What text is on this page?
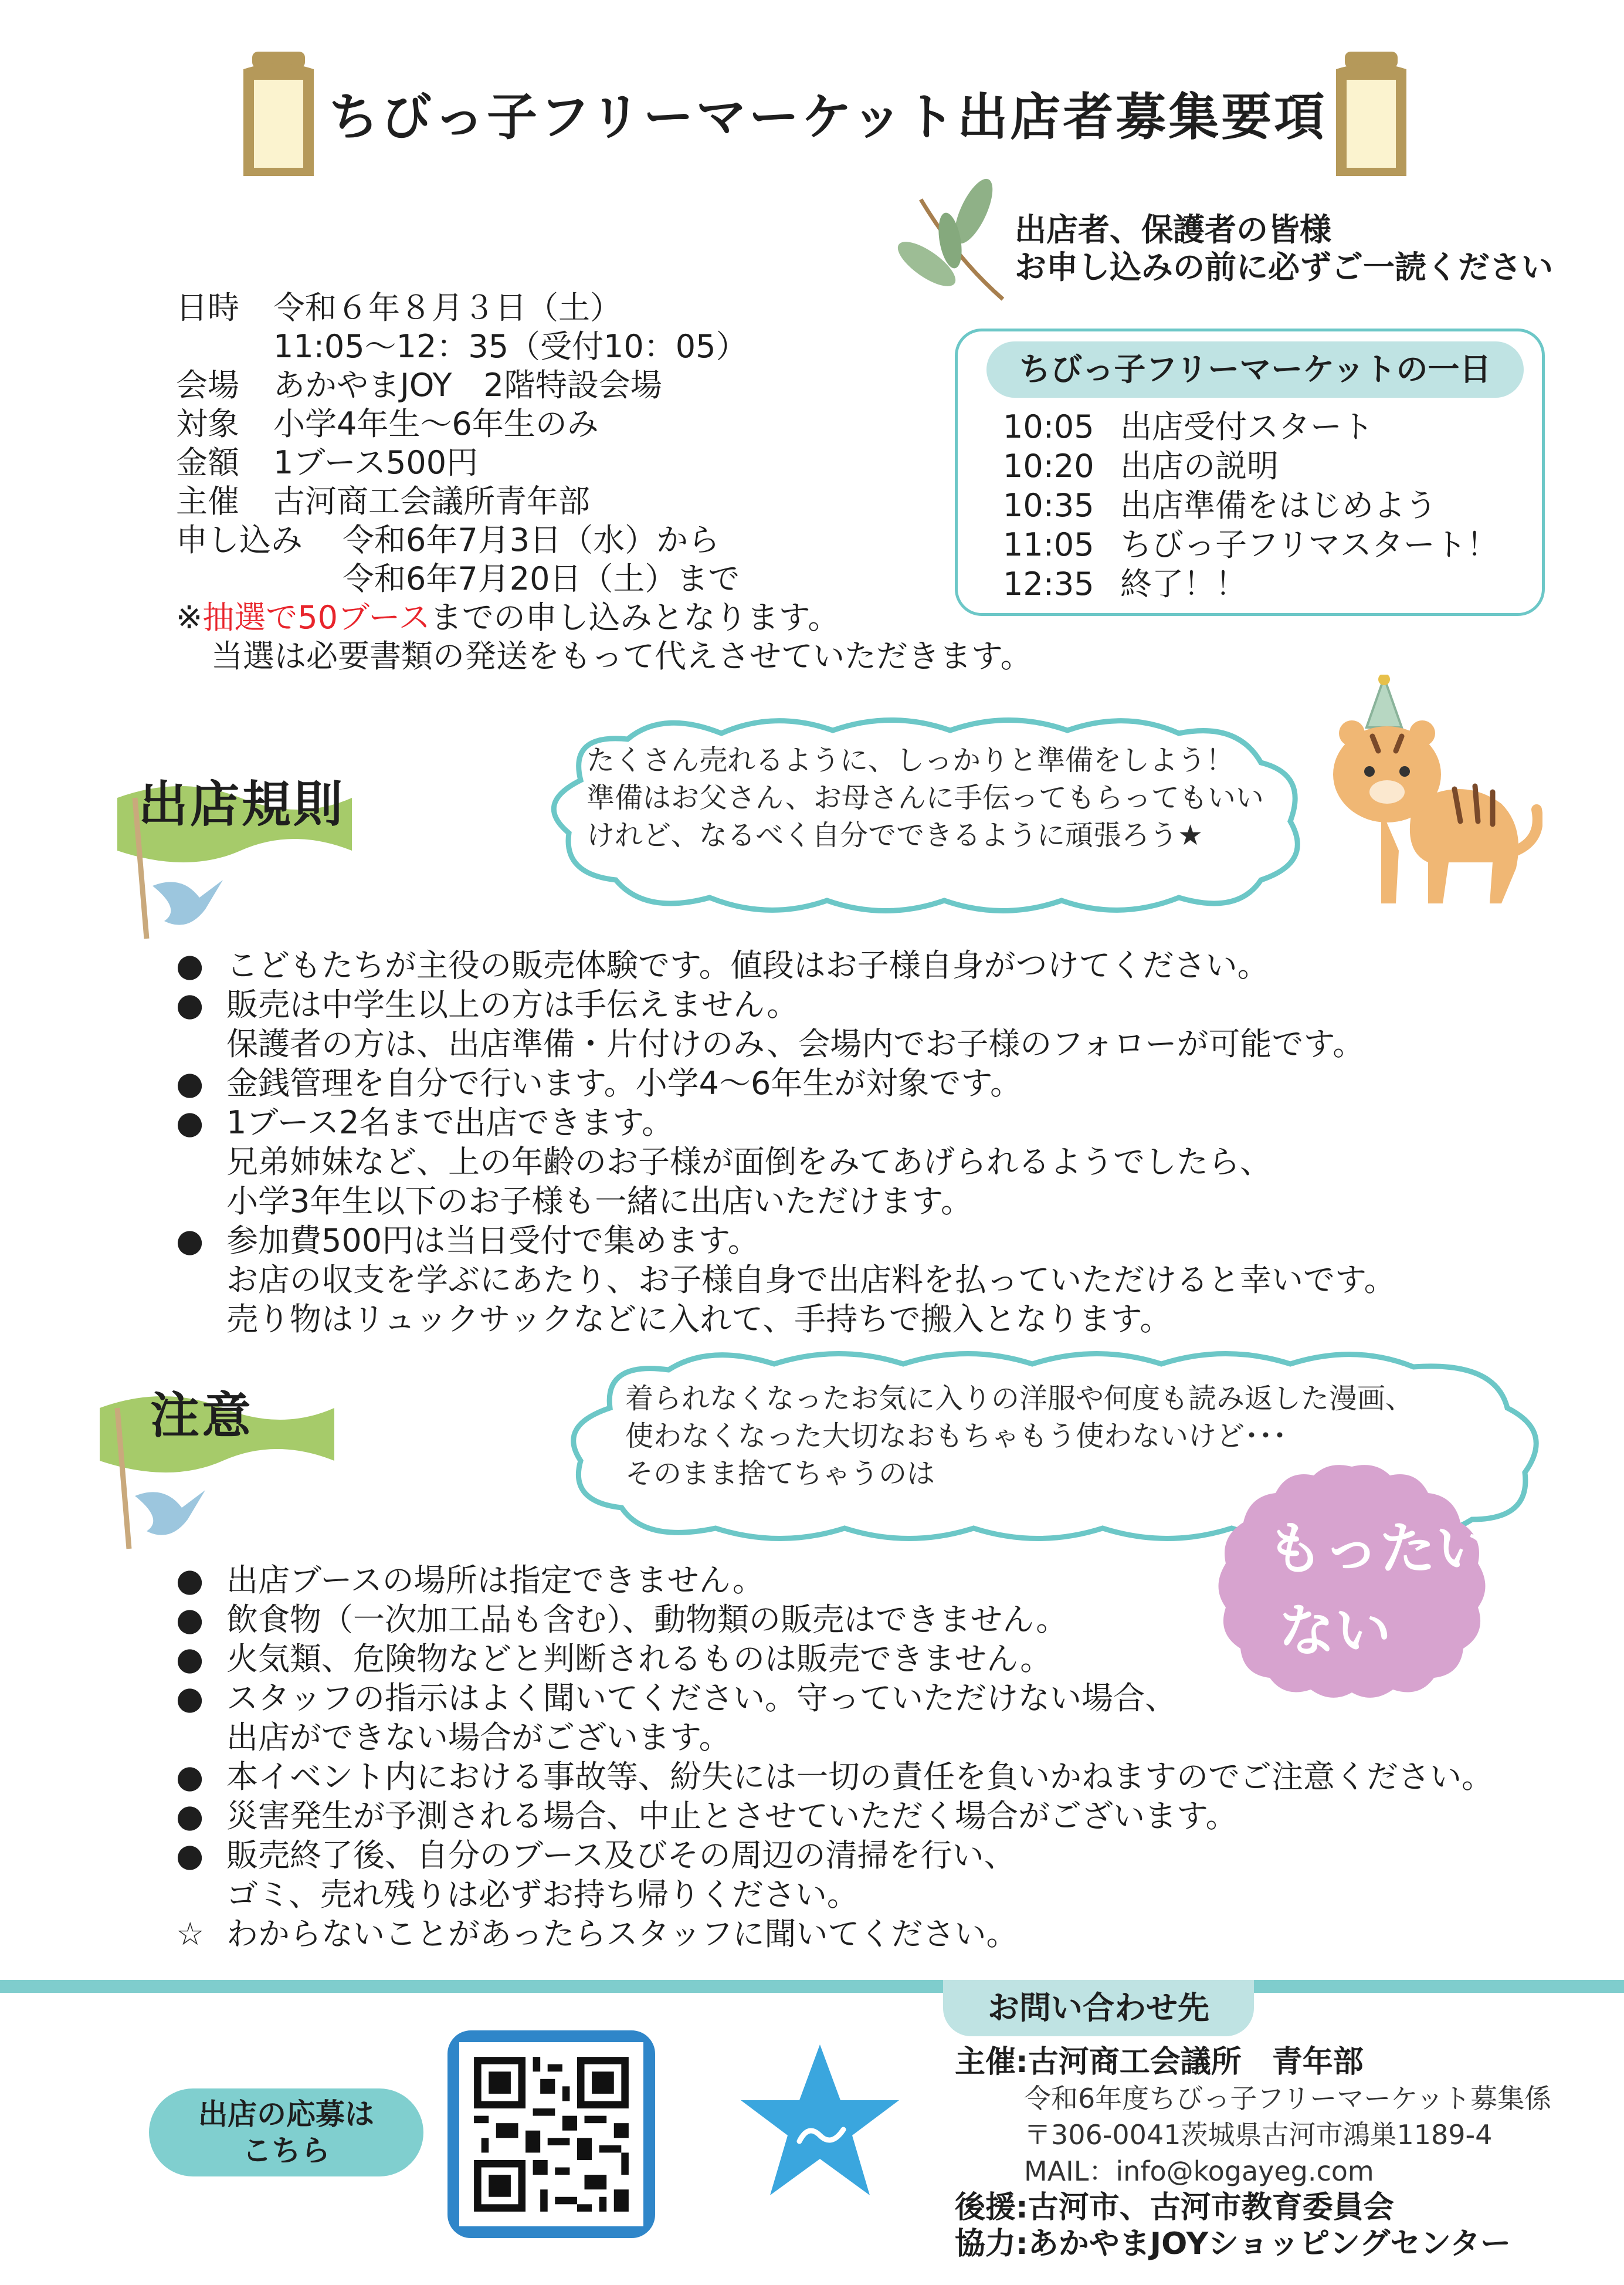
ちびっ子フリーマーケット出店者募集要項
出店者、保護者の皆様
お申し込みの前に必ずご一読ください
日時	令和６年８月３日（土）
11:05〜12：35（受付10：05）
会場	あかやまJOY　2階特設会場
対象	小学4年生〜6年生のみ
金額	1ブース500円
主催	古河商工会議所青年部
申し込み	令和6年7月3日（水）から
令和6年7月20日（土）まで
※抽選で50ブースまでの申し込みとなります。
当選は必要書類の発送をもって代えさせていただきます。
ちびっ子フリーマーケットの一日
10:05 出店受付スタート
10:20 出店の説明
10:35 出店準備をはじめよう
11:05 ちびっ子フリマスタート！
12:35 終了！！
出店規則
たくさん売れるように、しっかりと準備をしよう！
準備はお父さん、お母さんに手伝ってもらってもいい
けれど、なるべく自分でできるように頑張ろう★
● こどもたちが主役の販売体験です。値段はお子様自身がつけてください。
● 販売は中学生以上の方は手伝えません。
保護者の方は、出店準備・片付けのみ、会場内でお子様のフォローが可能です。
● 金銭管理を自分で行います。小学4〜6年生が対象です。
● 1ブース2名まで出店できます。
兄弟姉妹など、上の年齢のお子様が面倒をみてあげられるようでしたら、
小学3年生以下のお子様も一緒に出店いただけます。
● 参加費500円は当日受付で集めます。
お店の収支を学ぶにあたり、お子様自身で出店料を払っていただけると幸いです。
売り物はリュックサックなどに入れて、手持ちで搬入となります。
注意	着られなくなったお気に入りの洋服や何度も読み返した漫画、
使わなくなった大切なおもちゃもう使わないけど･･･
そのまま捨てちゃうのは
もったい
ない
● 出店ブースの場所は指定できません。
● 飲食物（一次加工品も含む）、動物類の販売はできません。
● 火気類、危険物などと判断されるものは販売できません。
● スタッフの指示はよく聞いてください。守っていただけない場合、
出店ができない場合がございます。
● 本イベント内における事故等、紛失には一切の責任を負いかねますのでご注意ください。
● 災害発生が予測される場合、中止とさせていただく場合がございます。
● 販売終了後、自分のブース及びその周辺の清掃を行い、
ゴミ、売れ残りは必ずお持ち帰りください。
☆ わからないことがあったらスタッフに聞いてください。
お問い合わせ先
出店の応募は
こちら
主催:古河商工会議所　青年部
令和6年度ちびっ子フリーマーケット募集係
〒306-0041茨城県古河市鴻巣1189-4
MAIL：info@kogayeg.com
後援:古河市、古河市教育委員会
協力:あかやまJOYショッピングセンター
